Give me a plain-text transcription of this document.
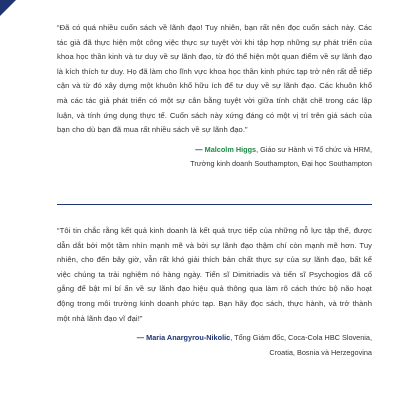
“Đã có quá nhiều cuốn sách về lãnh đạo! Tuy nhiên, bạn rất nên đọc cuốn sách này. Các tác giả đã thực hiện một công việc thực sự tuyệt vời khi tập hợp những sự phát triển của khoa học thần kinh và tư duy về sự lãnh đạo, từ đó thể hiện một quan điểm về sự lãnh đạo là kích thích tư duy. Họ đã làm cho lĩnh vực khoa học thần kinh phức tạp trở nên rất dễ tiếp cận và từ đó xây dựng một khuôn khổ hữu ích để tư duy về sự lãnh đạo. Các khuôn khổ mà các tác giả phát triển có một sự cân bằng tuyệt vời giữa tính chặt chẽ trong các lập luận, và tính ứng dụng thực tế. Cuốn sách này xứng đáng có một vị trí trên giá sách của bạn cho dù bạn đã mua rất nhiều sách về sự lãnh đạo.”

— Malcolm Higgs, Giáo sư Hành vi Tổ chức và HRM,
Trường kinh doanh Southampton, Đại học Southampton

“Tôi tin chắc rằng kết quả kinh doanh là kết quả trực tiếp của những nỗ lực tập thể, được dẫn dắt bởi một tầm nhìn mạnh mẽ và bởi sự lãnh đạo thậm chí còn mạnh mẽ hơn. Tuy nhiên, cho đến bây giờ, vẫn rất khó giải thích bản chất thực sự của sự lãnh đạo, bất kể việc chúng ta trải nghiệm nó hàng ngày. Tiến sĩ Dimitriadis và tiến sĩ Psychogios đã cố gắng để bật mí bí ẩn về sự lãnh đạo hiệu quả thông qua làm rõ cách thức bộ não hoạt động trong môi trường kinh doanh phức tạp. Bạn hãy đọc sách, thực hành, và trở thành một nhà lãnh đạo vĩ đại!”

— Maria Anargyrou-Nikolic, Tổng Giám đốc, Coca-Cola HBC Slovenia,
Croatia, Bosnia và Herzegovina
